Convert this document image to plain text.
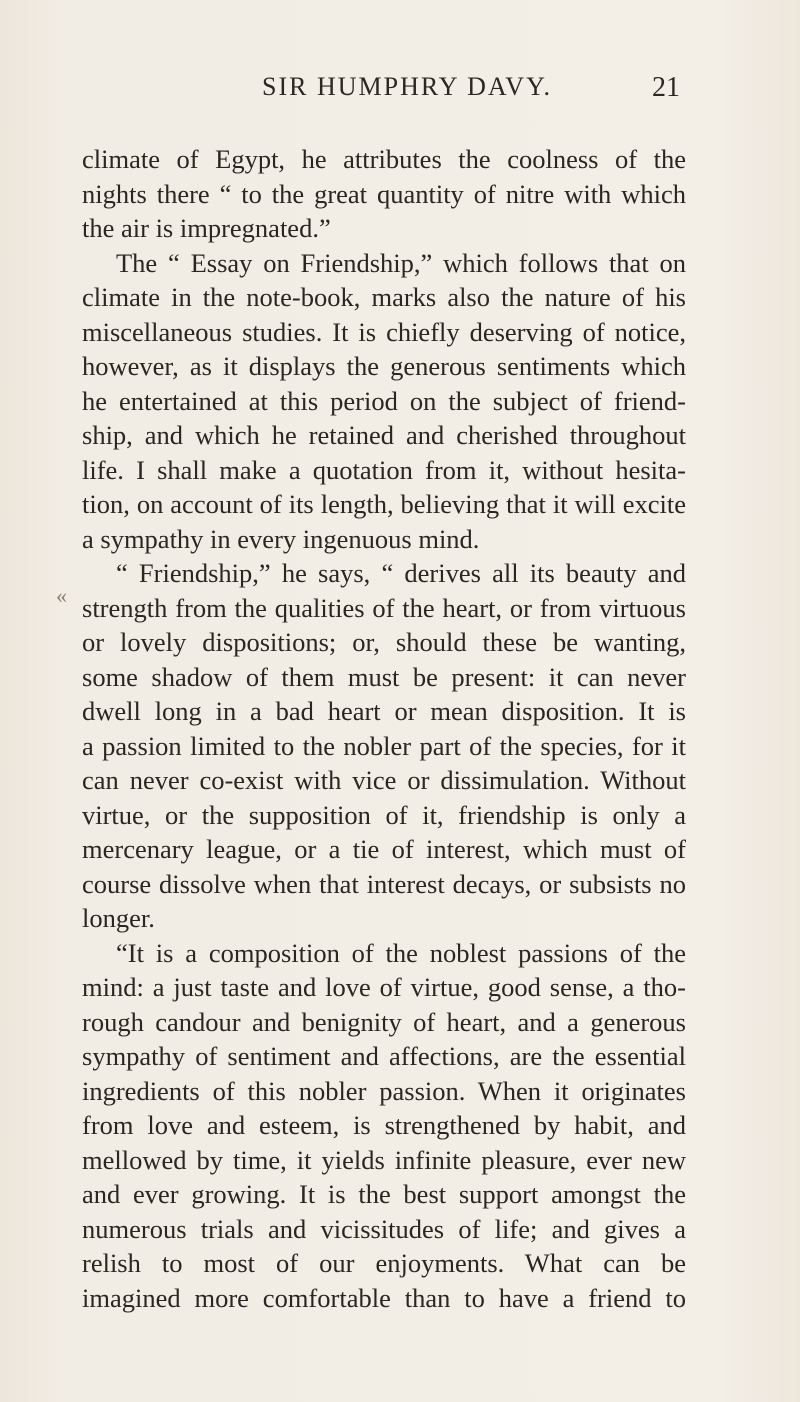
SIR HUMPHRY DAVY.	21
«
climate of Egypt, he attributes the coolness of the
nights there “ to the great quantity of nitre with which
the air is impregnated.”
The “ Essay on Friendship,” which follows that on
climate in the note-book, marks also the nature of his
miscellaneous studies. It is chiefly deserving of notice,
however, as it displays the generous sentiments which
he entertained at this period on the subject of friend-
ship, and which he retained and cherished throughout
life. I shall make a quotation from it, without hesita-
tion, on account of its length, believing that it will excite
a sympathy in every ingenuous mind.
“ Friendship,” he says, “ derives all its beauty and
strength from the qualities of the heart, or from virtuous
or lovely dispositions; or, should these be wanting,
some shadow of them must be present: it can never
dwell long in a bad heart or mean disposition. It is
a passion limited to the nobler part of the species, for it
can never co-exist with vice or dissimulation. Without
virtue, or the supposition of it, friendship is only a
mercenary league, or a tie of interest, which must of
course dissolve when that interest decays, or subsists no
longer.
“It is a composition of the noblest passions of the
mind: a just taste and love of virtue, good sense, a tho-
rough candour and benignity of heart, and a generous
sympathy of sentiment and affections, are the essential
ingredients of this nobler passion. When it originates
from love and esteem, is strengthened by habit, and
mellowed by time, it yields infinite pleasure, ever new
and ever growing. It is the best support amongst the
numerous trials and vicissitudes of life; and gives a
relish to most of our enjoyments. What can be
imagined more comfortable than to have a friend to
